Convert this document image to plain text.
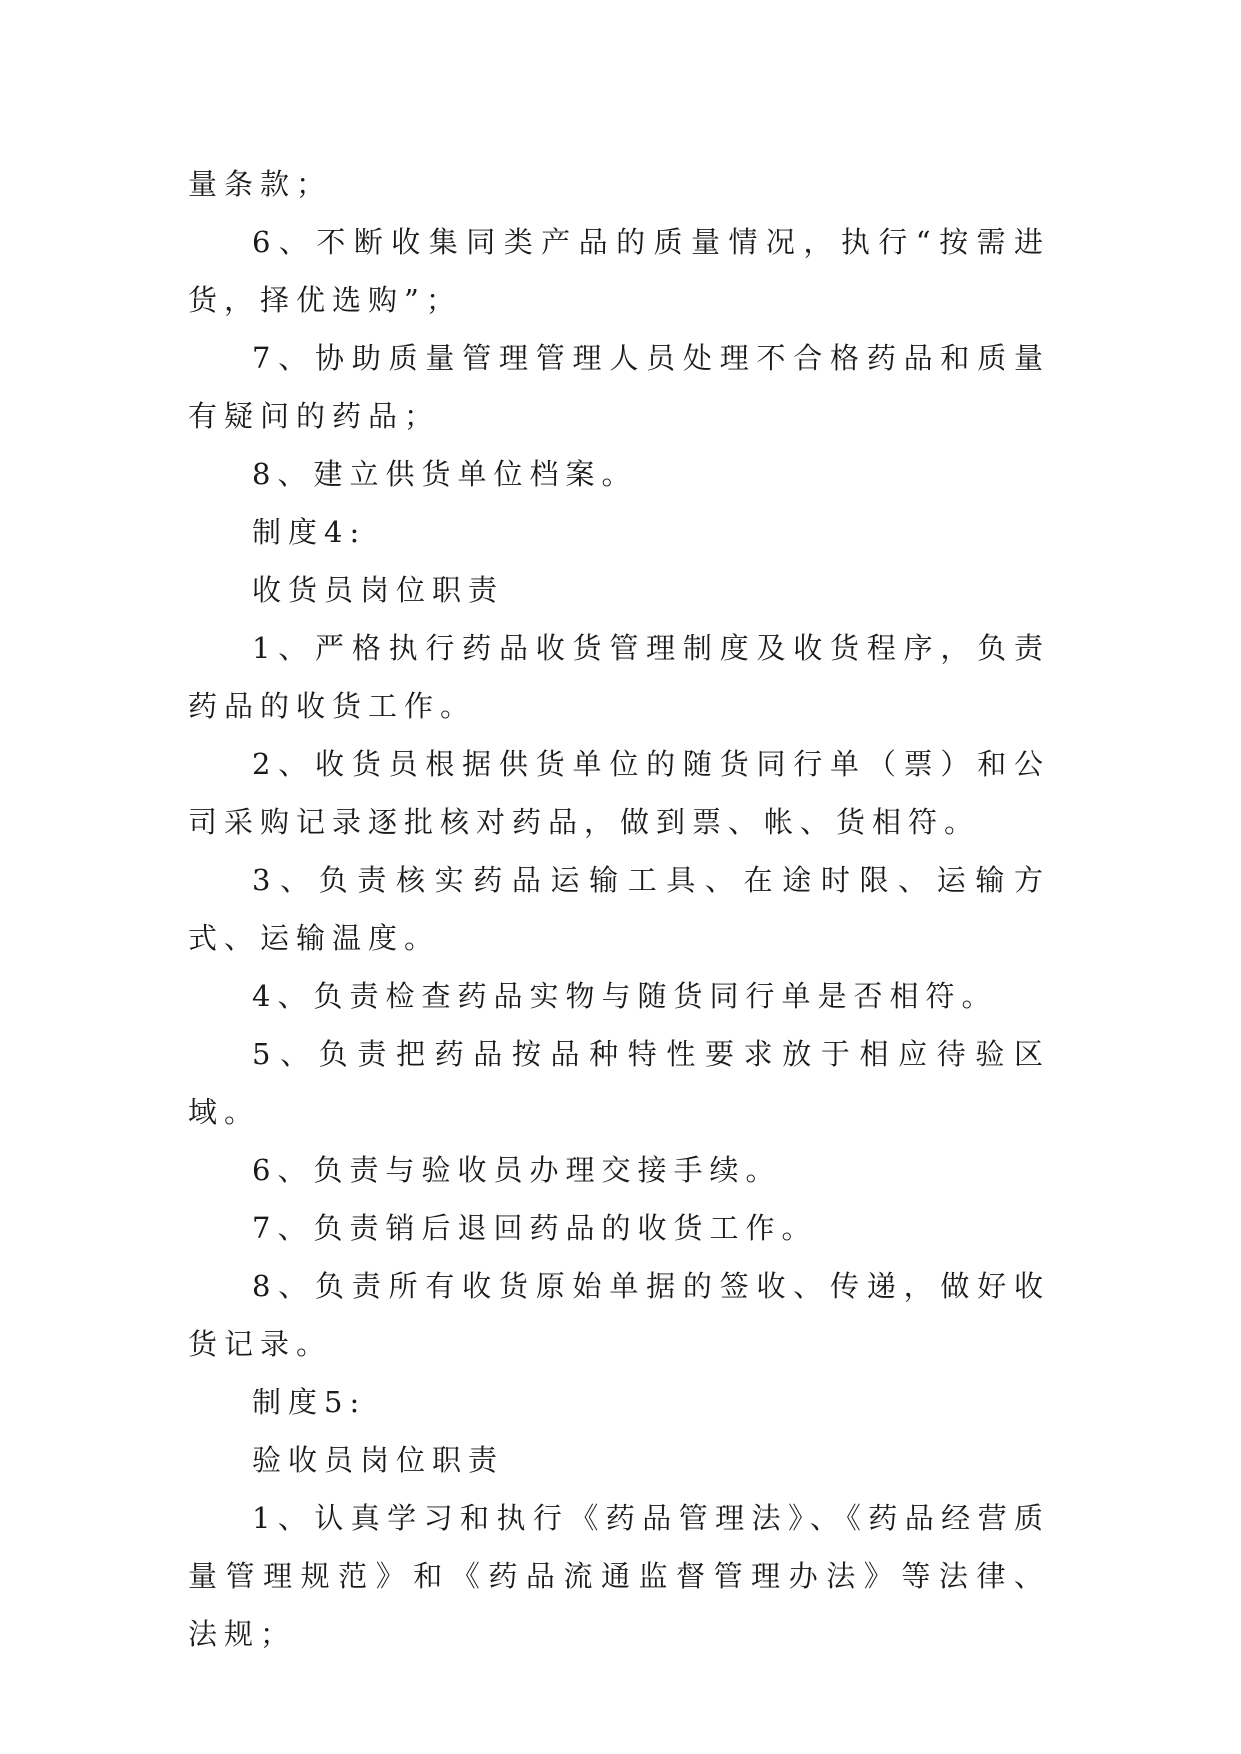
量条款；

6、不断收集同类产品的质量情况，执行“按需进货，择优选购”；

7、协助质量管理管理人员处理不合格药品和质量有疑问的药品；

8、建立供货单位档案。

制度4:

收货员岗位职责

1、严格执行药品收货管理制度及收货程序，负责药品的收货工作。

2、收货员根据供货单位的随货同行单（票）和公司采购记录逐批核对药品，做到票、帐、货相符。

3、负责核实药品运输工具、在途时限、运输方式、运输温度。

4、负责检查药品实物与随货同行单是否相符。

5、负责把药品按品种特性要求放于相应待验区域。

6、负责与验收员办理交接手续。

7、负责销后退回药品的收货工作。

8、负责所有收货原始单据的签收、传递，做好收货记录。

制度5:

验收员岗位职责

1、认真学习和执行《药品管理法》、《药品经营质量管理规范》和《药品流通监督管理办法》等法律、法规；
